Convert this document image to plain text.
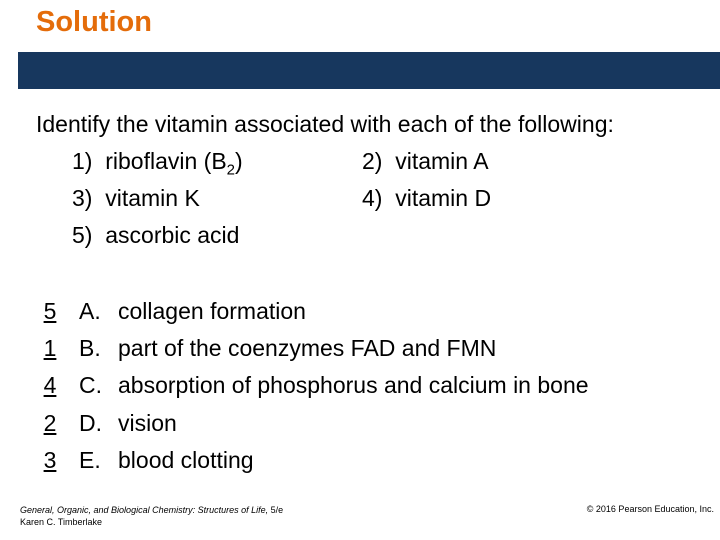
Solution
Identify the vitamin associated with each of the following:
1) riboflavin $(B_2)$	2) vitamin A
3) vitamin K	4) vitamin D
5) ascorbic acid
5 A. collagen formation
1 B. part of the coenzymes FAD and FMN
4 C. absorption of phosphorus and calcium in bone
2 D. vision
3 E. blood clotting
General, Organic, and Biological Chemistry: Structures of Life, 5/e
Karen C. Timberlake
© 2016 Pearson Education, Inc.
